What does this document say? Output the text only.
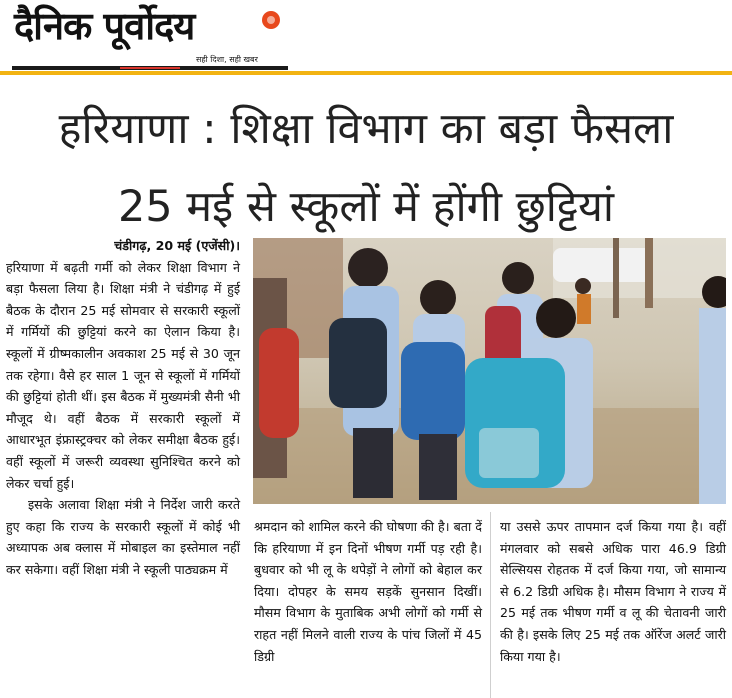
दैनिक पूर्वोदय
सही दिशा, सही खबर
हरियाणा : शिक्षा विभाग का बड़ा फैसला
25 मई से स्कूलों में होंगी छुट्टियां
चंडीगढ़, 20 मई (एजेंसी)।

हरियाणा में बढ़ती गर्मी को लेकर शिक्षा विभाग ने बड़ा फैसला लिया है। शिक्षा मंत्री ने चंडीगढ़ में हुई बैठक के दौरान 25 मई सोमवार से सरकारी स्कूलों में गर्मियों की छुट्टियां करने का ऐलान किया है। स्कूलों में ग्रीष्मकालीन अवकाश 25 मई से 30 जून तक रहेगा। वैसे हर साल 1 जून से स्कूलों में गर्मियों की छुट्टियां होती थीं। इस बैठक में मुख्यमंत्री सैनी भी मौजूद थे। वहीं बैठक में सरकारी स्कूलों में आधारभूत इंफ्रास्ट्रक्चर को लेकर समीक्षा बैठक हुई। वहीं स्कूलों में जरूरी व्यवस्था सुनिश्चित करने को लेकर चर्चा हुई।

इसके अलावा शिक्षा मंत्री ने निर्देश जारी करते हुए कहा कि राज्य के सरकारी स्कूलों में कोई भी अध्यापक अब क्लास में मोबाइल का इस्तेमाल नहीं कर सकेगा। वहीं शिक्षा मंत्री ने स्कूली पाठ्यक्रम में

श्रमदान को शामिल करने की घोषणा की है। बता दें कि हरियाणा में इन दिनों भीषण गर्मी पड़ रही है। बुधवार को भी लू के थपेड़ों ने लोगों को बेहाल कर दिया। दोपहर के समय सड़कें सुनसान दिखीं। मौसम विभाग के मुताबिक अभी लोगों को गर्मी से राहत नहीं मिलने वाली राज्य के पांच जिलों में 45 डिग्री

या उससे ऊपर तापमान दर्ज किया गया है। वहीं मंगलवार को सबसे अधिक पारा 46.9 डिग्री सेल्सियस रोहतक में दर्ज किया गया, जो सामान्य से 6.2 डिग्री अधिक है। मौसम विभाग ने राज्य में 25 मई तक भीषण गर्मी व लू की चेतावनी जारी की है। इसके लिए 25 मई तक ऑरेंज अलर्ट जारी किया गया है।
